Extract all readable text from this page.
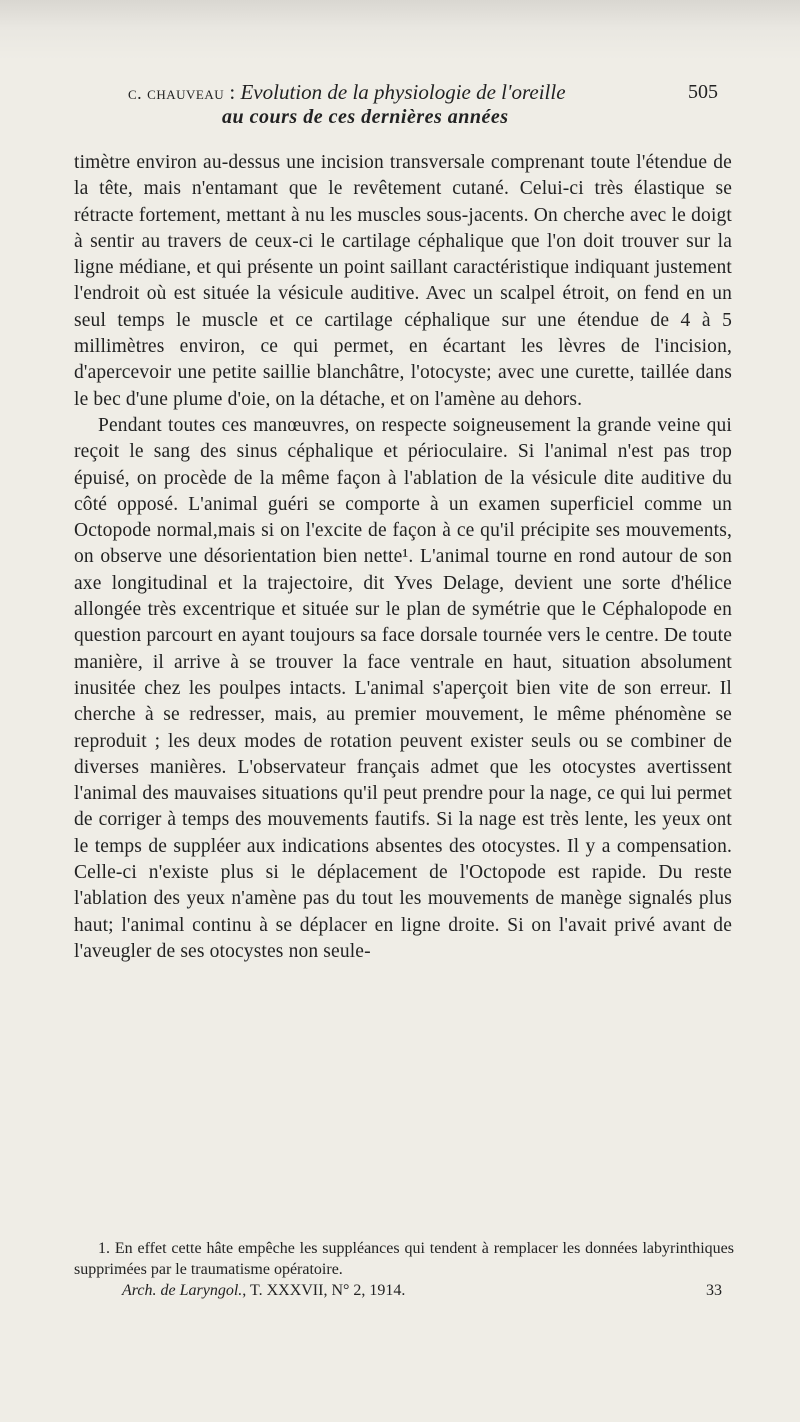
c. chauveau : Evolution de la physiologie de l'oreille	505
au cours de ces dernières années

timètre environ au-dessus une incision transversale comprenant toute l'étendue de la tête, mais n'entamant que le revêtement cutané. Celui-ci très élastique se rétracte fortement, mettant à nu les muscles sous-jacents. On cherche avec le doigt à sentir au travers de ceux-ci le cartilage céphalique que l'on doit trouver sur la ligne médiane, et qui présente un point saillant caractéristique indiquant justement l'endroit où est située la vésicule auditive. Avec un scalpel étroit, on fend en un seul temps le muscle et ce cartilage céphalique sur une étendue de 4 à 5 millimètres environ, ce qui permet, en écartant les lèvres de l'incision, d'apercevoir une petite saillie blanchâtre, l'otocyste; avec une curette, taillée dans le bec d'une plume d'oie, on la détache, et on l'amène au dehors.

Pendant toutes ces manœuvres, on respecte soigneusement la grande veine qui reçoit le sang des sinus céphalique et périoculaire. Si l'animal n'est pas trop épuisé, on procède de la même façon à l'ablation de la vésicule dite auditive du côté opposé. L'animal guéri se comporte à un examen superficiel comme un Octopode normal,mais si on l'excite de façon à ce qu'il précipite ses mouvements, on observe une désorientation bien nette¹. L'animal tourne en rond autour de son axe longitudinal et la trajectoire, dit Yves Delage, devient une sorte d'hélice allongée très excentrique et située sur le plan de symétrie que le Céphalopode en question parcourt en ayant toujours sa face dorsale tournée vers le centre. De toute manière, il arrive à se trouver la face ventrale en haut, situation absolument inusitée chez les poulpes intacts. L'animal s'aperçoit bien vite de son erreur. Il cherche à se redresser, mais, au premier mouvement, le même phénomène se reproduit ; les deux modes de rotation peuvent exister seuls ou se combiner de diverses manières. L'observateur français admet que les otocystes avertissent l'animal des mauvaises situations qu'il peut prendre pour la nage, ce qui lui permet de corriger à temps des mouvements fautifs. Si la nage est très lente, les yeux ont le temps de suppléer aux indications absentes des otocystes. Il y a compensation. Celle-ci n'existe plus si le déplacement de l'Octopode est rapide. Du reste l'ablation des yeux n'amène pas du tout les mouvements de manège signalés plus haut; l'animal continu à se déplacer en ligne droite. Si on l'avait privé avant de l'aveugler de ses otocystes non seule-

1. En effet cette hâte empêche les suppléances qui tendent à remplacer les données labyrinthiques supprimées par le traumatisme opératoire.

Arch. de Laryngol., T. XXXVII, N° 2, 1914.	33
